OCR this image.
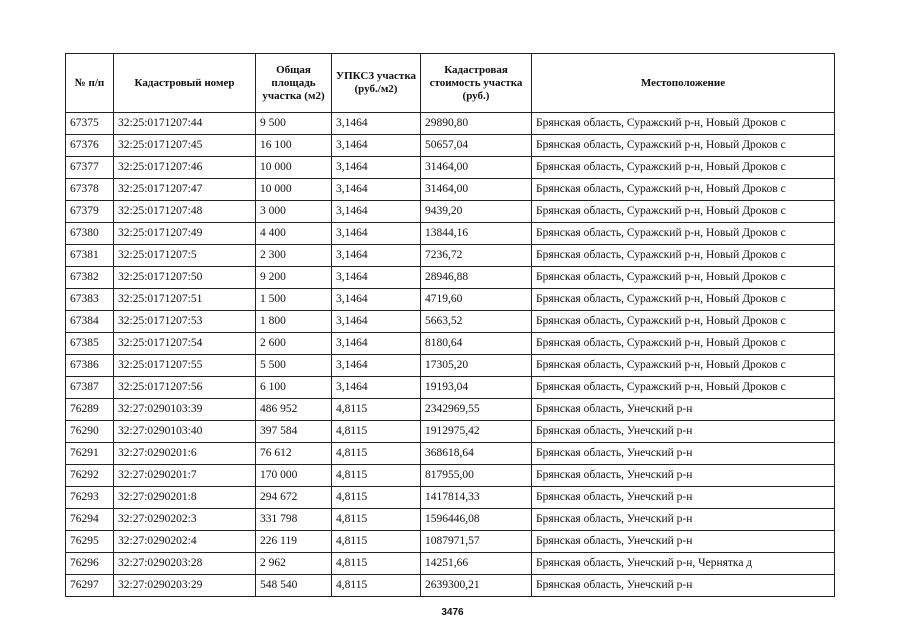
№ п/п	Кадастровый номер	Общая площадь участка (м2)	УПКСЗ участка (руб./м2)	Кадастровая стоимость участка (руб.)	Местоположение
67375	32:25:0171207:44	9 500	3,1464	29890,80	Брянская область, Суражский р-н, Новый Дроков с
67376	32:25:0171207:45	16 100	3,1464	50657,04	Брянская область, Суражский р-н, Новый Дроков с
67377	32:25:0171207:46	10 000	3,1464	31464,00	Брянская область, Суражский р-н, Новый Дроков с
67378	32:25:0171207:47	10 000	3,1464	31464,00	Брянская область, Суражский р-н, Новый Дроков с
67379	32:25:0171207:48	3 000	3,1464	9439,20	Брянская область, Суражский р-н, Новый Дроков с
67380	32:25:0171207:49	4 400	3,1464	13844,16	Брянская область, Суражский р-н, Новый Дроков с
67381	32:25:0171207:5	2 300	3,1464	7236,72	Брянская область, Суражский р-н, Новый Дроков с
67382	32:25:0171207:50	9 200	3,1464	28946,88	Брянская область, Суражский р-н, Новый Дроков с
67383	32:25:0171207:51	1 500	3,1464	4719,60	Брянская область, Суражский р-н, Новый Дроков с
67384	32:25:0171207:53	1 800	3,1464	5663,52	Брянская область, Суражский р-н, Новый Дроков с
67385	32:25:0171207:54	2 600	3,1464	8180,64	Брянская область, Суражский р-н, Новый Дроков с
67386	32:25:0171207:55	5 500	3,1464	17305,20	Брянская область, Суражский р-н, Новый Дроков с
67387	32:25:0171207:56	6 100	3,1464	19193,04	Брянская область, Суражский р-н, Новый Дроков с
76289	32:27:0290103:39	486 952	4,8115	2342969,55	Брянская область, Унечский р-н
76290	32:27:0290103:40	397 584	4,8115	1912975,42	Брянская область, Унечский р-н
76291	32:27:0290201:6	76 612	4,8115	368618,64	Брянская область, Унечский р-н
76292	32:27:0290201:7	170 000	4,8115	817955,00	Брянская область, Унечский р-н
76293	32:27:0290201:8	294 672	4,8115	1417814,33	Брянская область, Унечский р-н
76294	32:27:0290202:3	331 798	4,8115	1596446,08	Брянская область, Унечский р-н
76295	32:27:0290202:4	226 119	4,8115	1087971,57	Брянская область, Унечский р-н
76296	32:27:0290203:28	2 962	4,8115	14251,66	Брянская область, Унечский р-н, Чернятка д
76297	32:27:0290203:29	548 540	4,8115	2639300,21	Брянская область, Унечский р-н
3476
